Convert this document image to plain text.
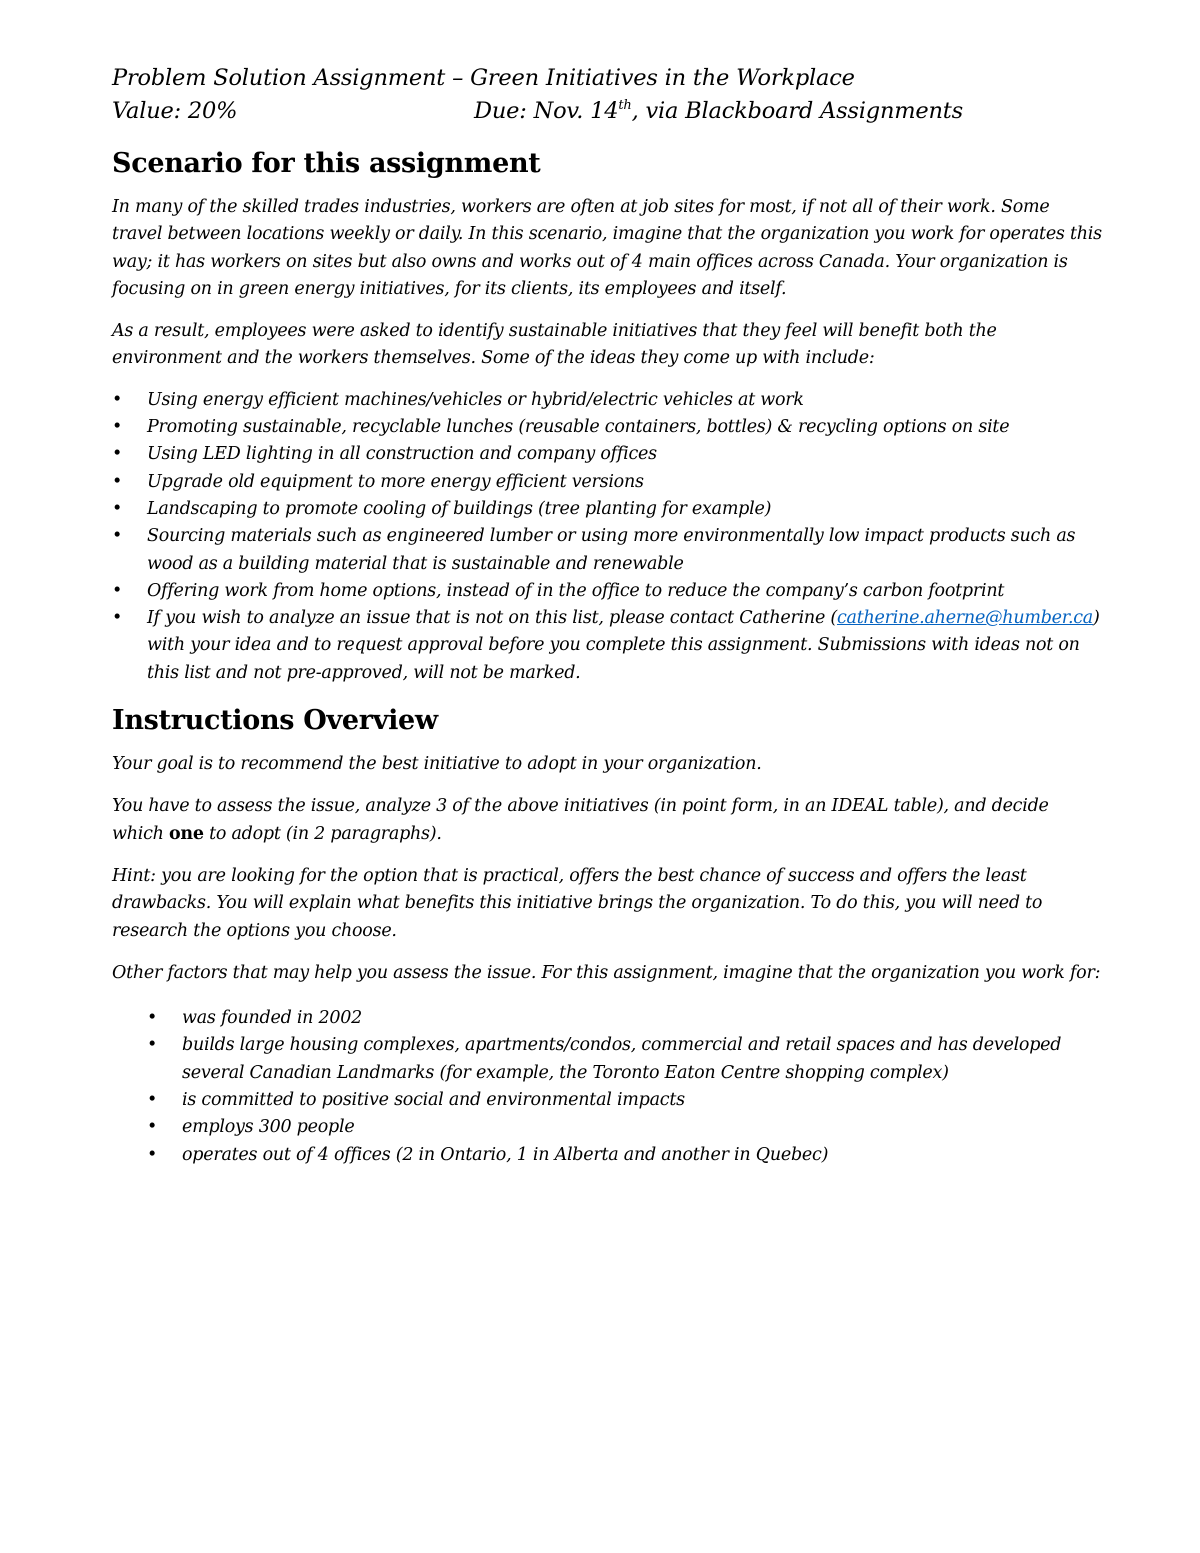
Problem Solution Assignment – Green Initiatives in the Workplace
Value: 20%	Due: Nov. 14th, via Blackboard Assignments
Scenario for this assignment

In many of the skilled trades industries, workers are often at job sites for most, if not all of their work. Some travel between locations weekly or daily. In this scenario, imagine that the organization you work for operates this way; it has workers on sites but also owns and works out of 4 main offices across Canada. Your organization is focusing on in green energy initiatives, for its clients, its employees and itself.

As a result, employees were asked to identify sustainable initiatives that they feel will benefit both the environment and the workers themselves. Some of the ideas they come up with include:

• Using energy efficient machines/vehicles or hybrid/electric vehicles at work
• Promoting sustainable, recyclable lunches (reusable containers, bottles) & recycling options on site
• Using LED lighting in all construction and company offices
• Upgrade old equipment to more energy efficient versions
• Landscaping to promote cooling of buildings (tree planting for example)
• Sourcing materials such as engineered lumber or using more environmentally low impact products such as wood as a building material that is sustainable and renewable
• Offering work from home options, instead of in the office to reduce the company’s carbon footprint
• If you wish to analyze an issue that is not on this list, please contact Catherine (catherine.aherne@humber.ca) with your idea and to request approval before you complete this assignment. Submissions with ideas not on this list and not pre-approved, will not be marked.
Instructions Overview

Your goal is to recommend the best initiative to adopt in your organization.

You have to assess the issue, analyze 3 of the above initiatives (in point form, in an IDEAL table), and decide which one to adopt (in 2 paragraphs).

Hint: you are looking for the option that is practical, offers the best chance of success and offers the least drawbacks. You will explain what benefits this initiative brings the organization. To do this, you will need to research the options you choose.

Other factors that may help you assess the issue. For this assignment, imagine that the organization you work for:

• was founded in 2002
• builds large housing complexes, apartments/condos, commercial and retail spaces and has developed several Canadian Landmarks (for example, the Toronto Eaton Centre shopping complex)
• is committed to positive social and environmental impacts
• employs 300 people
• operates out of 4 offices (2 in Ontario, 1 in Alberta and another in Quebec)
